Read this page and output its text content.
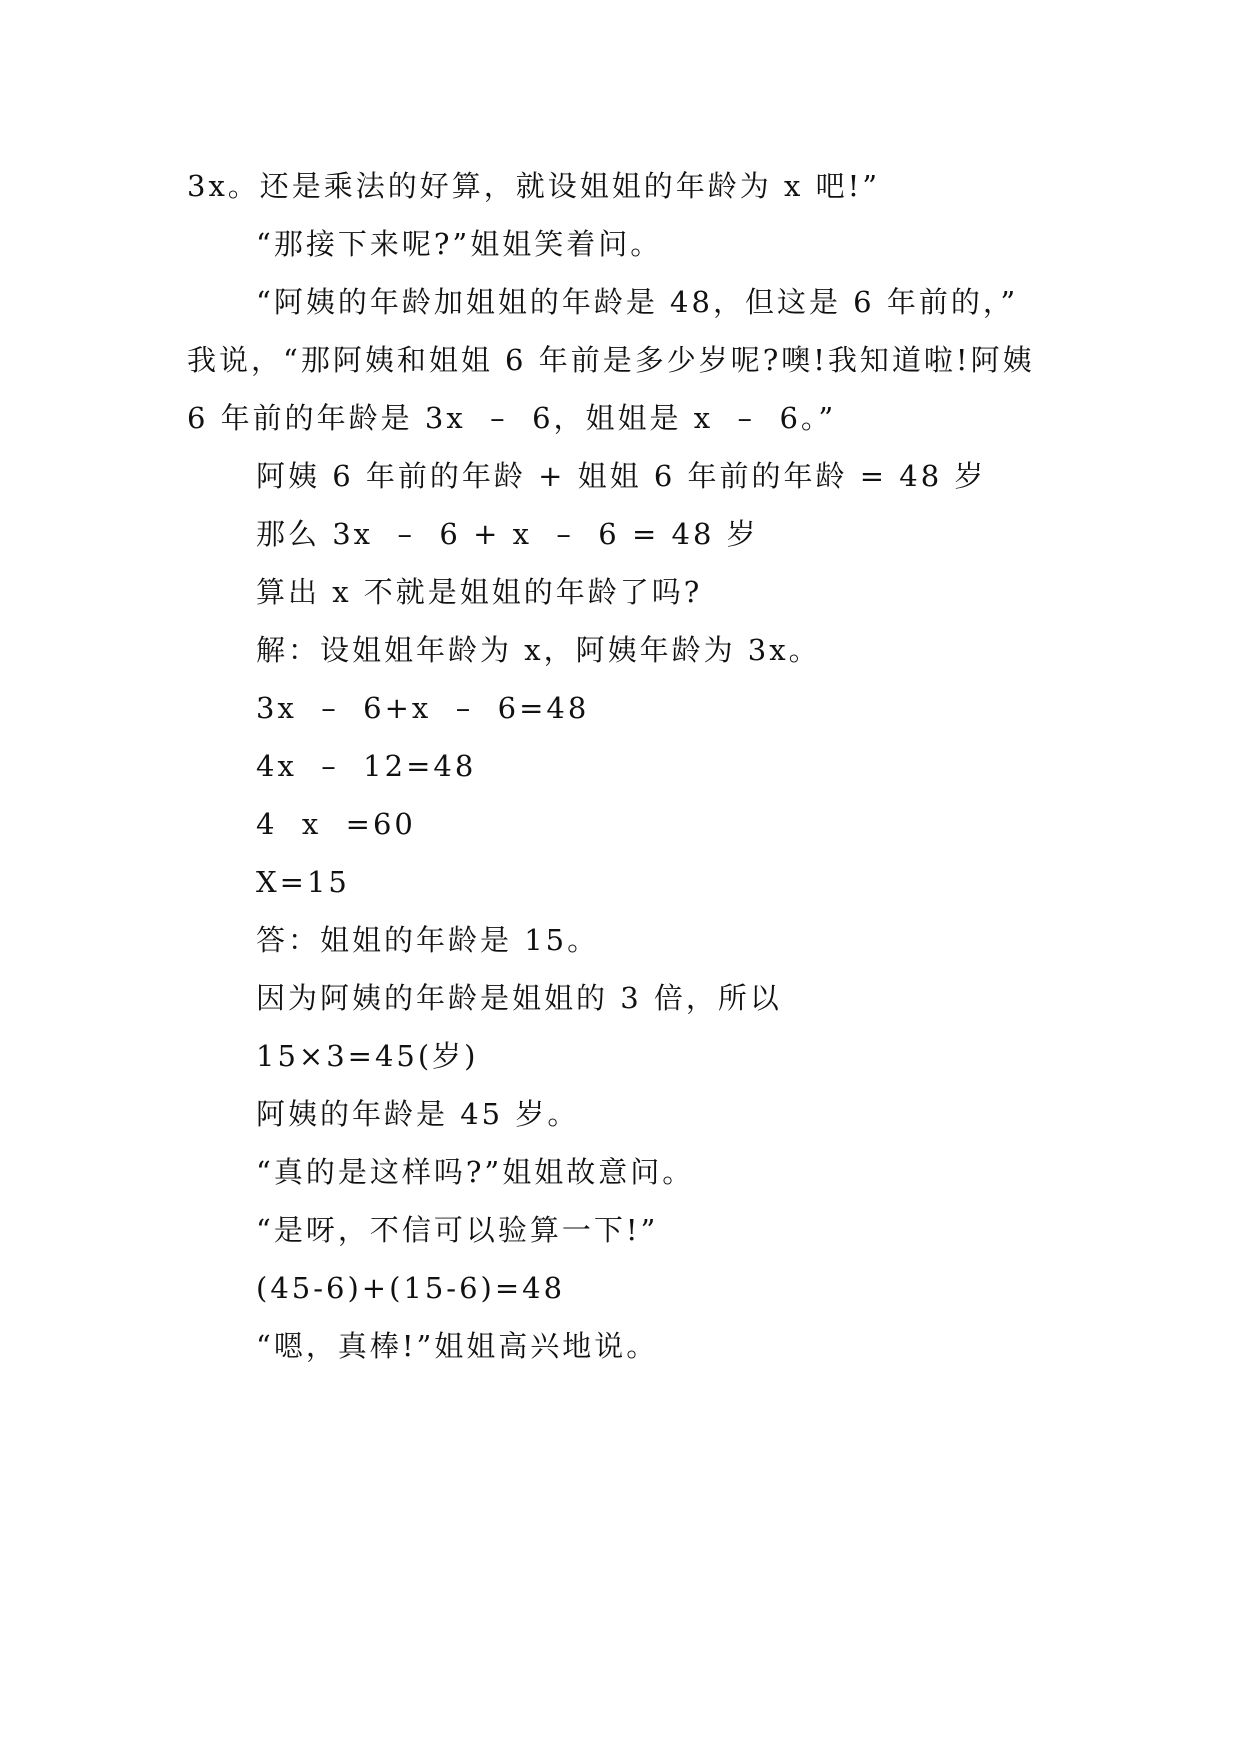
3x。还是乘法的好算，就设姐姐的年龄为 x 吧!”
“那接下来呢?”姐姐笑着问。
“阿姨的年龄加姐姐的年龄是 48，但这是 6 年前的，”
我说，“那阿姨和姐姐 6 年前是多少岁呢?噢!我知道啦!阿姨
6 年前的年龄是 3x  –  6，姐姐是 x  –  6。”
阿姨 6 年前的年龄 + 姐姐 6 年前的年龄 = 48 岁
那么 3x  –  6 + x  –  6 = 48 岁
算出 x 不就是姐姐的年龄了吗?
解：设姐姐年龄为 x，阿姨年龄为 3x。
3x  –  6+x  –  6=48
4x  –  12=48
4  x  =60
X=15
答：姐姐的年龄是 15。
因为阿姨的年龄是姐姐的 3 倍，所以
15×3=45(岁)
阿姨的年龄是 45 岁。
“真的是这样吗?”姐姐故意问。
“是呀，不信可以验算一下!”
(45-6)+(15-6)=48
“嗯，真棒!”姐姐高兴地说。
